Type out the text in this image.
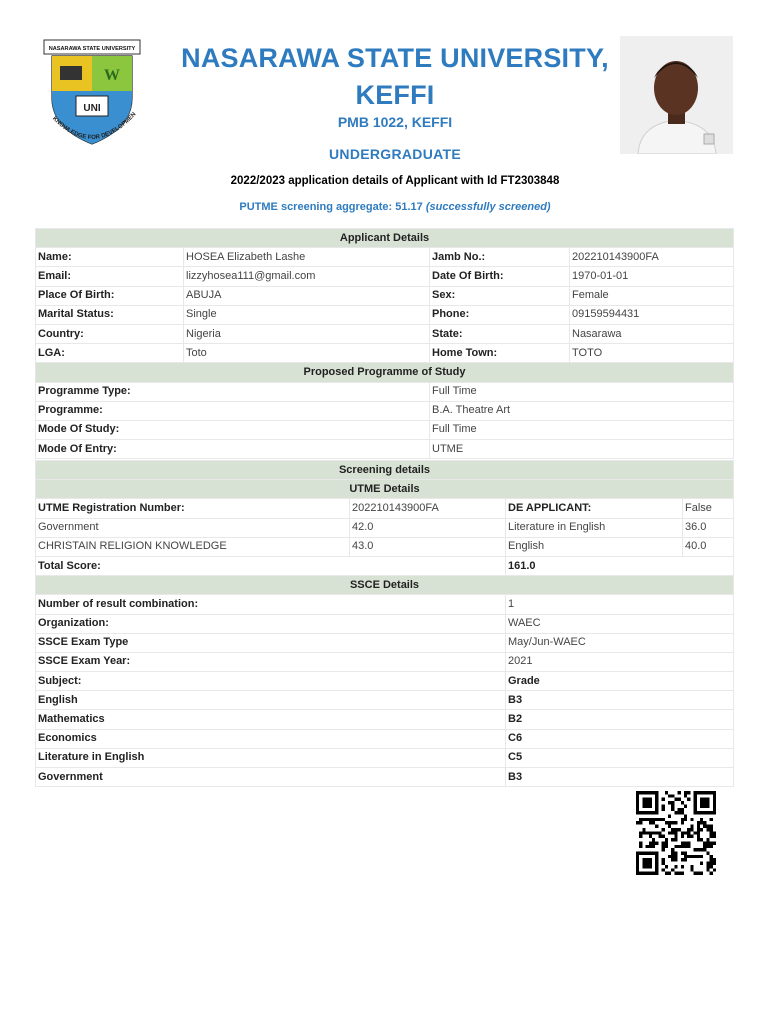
NASARAWA STATE UNIVERSITY
W
UNI
KNOWLEDGE FOR DEVELOPMEN
NASARAWA STATE UNIVERSITY, KEFFI
PMB 1022, KEFFI
UNDERGRADUATE
2022/2023 application details of Applicant with Id FT2303848
PUTME screening aggregate: 51.17 (successfully screened)
Applicant Details			
Name:	HOSEA Elizabeth Lashe	Jamb No.:	202210143900FA
Email:	lizzyhosea111@gmail.com	Date Of Birth:	1970-01-01
Place Of Birth:	ABUJA	Sex:	Female
Marital Status:	Single	Phone:	09159594431
Country:	Nigeria	State:	Nasarawa
LGA:	Toto	Home Town:	TOTO
Proposed Programme of Study			
Programme Type:		Full Time	
Programme:		B.A. Theatre Art	
Mode Of Study:		Full Time	
Mode Of Entry:		UTME	
Screening details			
UTME Details			
UTME Registration Number:	202210143900FA	DE APPLICANT:	False
Government	42.0	Literature in English	36.0
CHRISTAIN RELIGION KNOWLEDGE	43.0	English	40.0
Total Score:		161.0	
SSCE Details			
Number of result combination:		1	
Organization:		WAEC	
SSCE Exam Type		May/Jun-WAEC	
SSCE Exam Year:		2021	
Subject:		Grade	
English		B3	
Mathematics		B2	
Economics		C6	
Literature in English		C5	
Government		B3	
